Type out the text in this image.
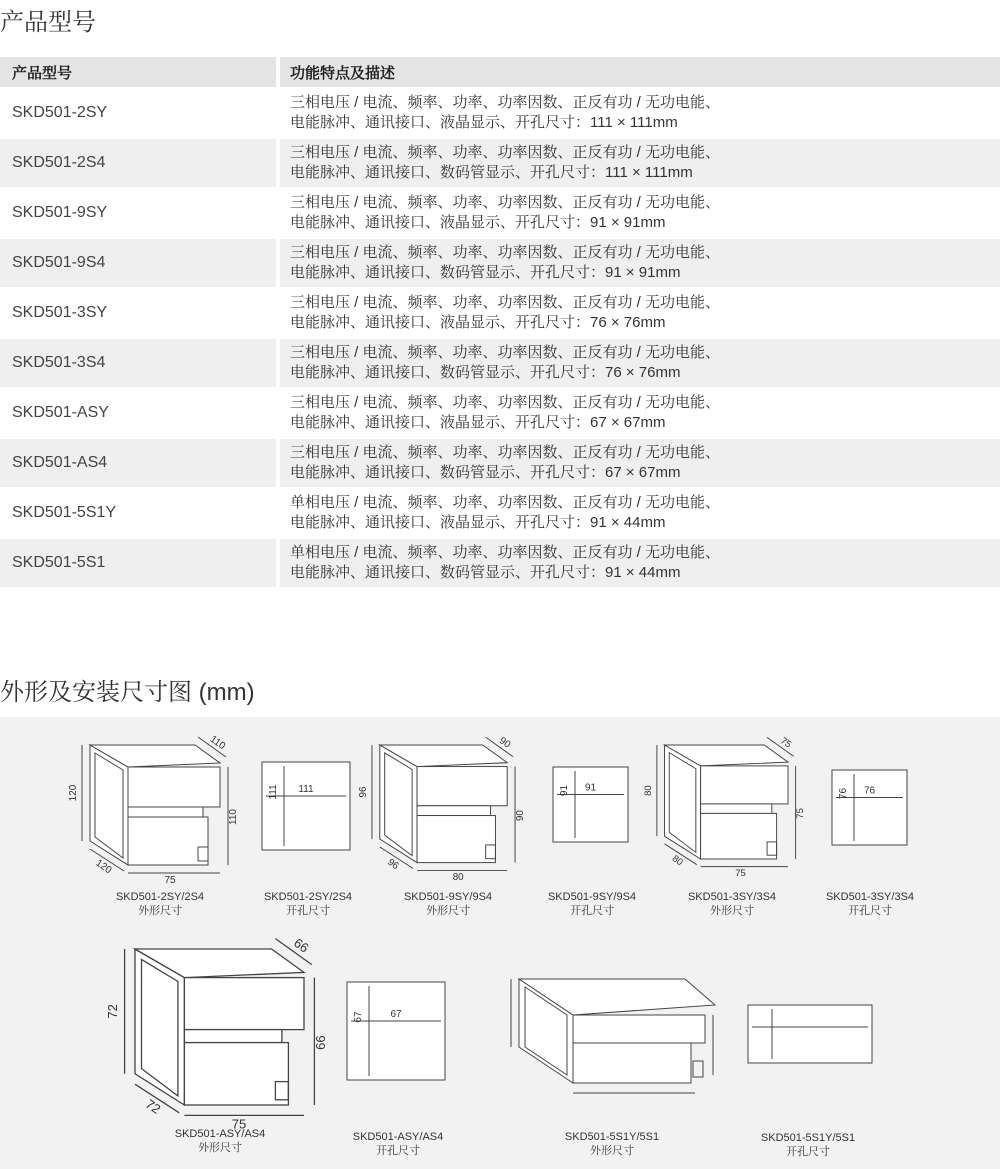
产品型号
产品型号	功能特点及描述
SKD501-2SY	三相电压 / 电流、频率、功率、功率因数、正反有功 / 无功电能、
电能脉冲、通讯接口、液晶显示、开孔尺寸：111 × 111mm

SKD501-2S4	三相电压 / 电流、频率、功率、功率因数、正反有功 / 无功电能、
电能脉冲、通讯接口、数码管显示、开孔尺寸：111 × 111mm

SKD501-9SY	三相电压 / 电流、频率、功率、功率因数、正反有功 / 无功电能、
电能脉冲、通讯接口、液晶显示、开孔尺寸：91 × 91mm

SKD501-9S4	三相电压 / 电流、频率、功率、功率因数、正反有功 / 无功电能、
电能脉冲、通讯接口、数码管显示、开孔尺寸：91 × 91mm

SKD501-3SY	三相电压 / 电流、频率、功率、功率因数、正反有功 / 无功电能、
电能脉冲、通讯接口、液晶显示、开孔尺寸：76 × 76mm

SKD501-3S4	三相电压 / 电流、频率、功率、功率因数、正反有功 / 无功电能、
电能脉冲、通讯接口、数码管显示、开孔尺寸：76 × 76mm

SKD501-ASY	三相电压 / 电流、频率、功率、功率因数、正反有功 / 无功电能、
电能脉冲、通讯接口、液晶显示、开孔尺寸：67 × 67mm

SKD501-AS4	三相电压 / 电流、频率、功率、功率因数、正反有功 / 无功电能、
电能脉冲、通讯接口、数码管显示、开孔尺寸：67 × 67mm

SKD501-5S1Y	单相电压 / 电流、频率、功率、功率因数、正反有功 / 无功电能、
电能脉冲、通讯接口、液晶显示、开孔尺寸：91 × 44mm

SKD501-5S1	单相电压 / 电流、频率、功率、功率因数、正反有功 / 无功电能、
电能脉冲、通讯接口、数码管显示、开孔尺寸：91 × 44mm
外形及安装尺寸图 (mm)
120
120
110
110
75
111 111	96
96
90
90
80
91 91	80
80
75
75
75
76 76
72
72
66
66
75
67	67
SKD501-2SY/2S4
外形尺寸
SKD501-2SY/2S4
开孔尺寸
SKD501-9SY/9S4
外形尺寸
SKD501-9SY/9S4
开孔尺寸
SKD501-3SY/3S4
外形尺寸
SKD501-3SY/3S4
开孔尺寸
SKD501-ASY/AS4
外形尺寸
SKD501-ASY/AS4
开孔尺寸
SKD501-5S1Y/5S1
外形尺寸
SKD501-5S1Y/5S1
开孔尺寸
